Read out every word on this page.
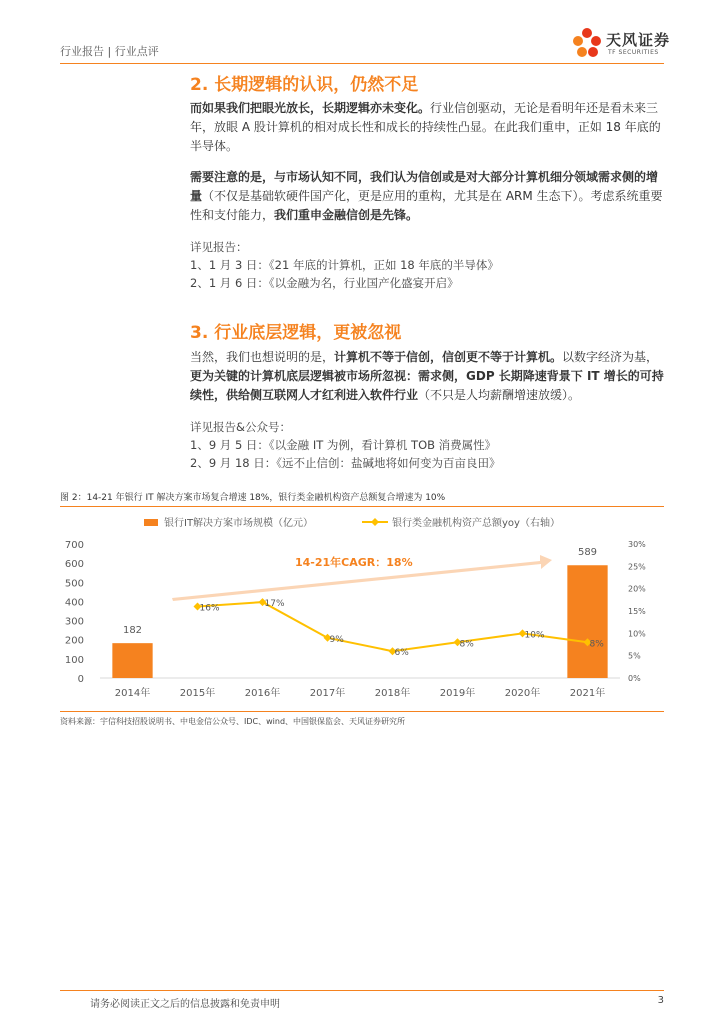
行业报告 | 行业点评
天风证券
TF SECURITIES
2. 长期逻辑的认识，仍然不足
而如果我们把眼光放长，长期逻辑亦未变化。行业信创驱动，无论是看明年还是看未来三年，放眼 A 股计算机的相对成长性和成长的持续性凸显。在此我们重申，正如 18 年底的半导体。
需要注意的是，与市场认知不同，我们认为信创或是对大部分计算机细分领域需求侧的增量（不仅是基础软硬件国产化，更是应用的重构，尤其是在 ARM 生态下）。考虑系统重要性和支付能力，我们重申金融信创是先锋。
详见报告：
1、1 月 3 日：《21 年底的计算机，正如 18 年底的半导体》
2、1 月 6 日：《以金融为名，行业国产化盛宴开启》
3. 行业底层逻辑，更被忽视
当然，我们也想说明的是，计算机不等于信创，信创更不等于计算机。以数字经济为基，更为关键的计算机底层逻辑被市场所忽视：需求侧，GDP 长期降速背景下 IT 增长的可持续性，供给侧互联网人才红利进入软件行业（不只是人均薪酬增速放缓）。
详见报告&公众号：
1、9 月 5 日：《以金融 IT 为例，看计算机 TOB 消费属性》
2、9 月 18 日：《远不止信创：盐碱地将如何变为百亩良田》
图 2：14-21 年银行 IT 解决方案市场复合增速 18%，银行类金融机构资产总额复合增速为 10%
银行IT解决方案市场规模（亿元）	银行类金融机构资产总额yoy（右轴）
0
100
200
300
400
500
600
700
0%
5%
10%
15%
20%
25%
30%
14-21年CAGR：18%
182
589
16%	17%
9%
6%
8%
10%
8%
2014年	2015年	2016年	2017年	2018年	2019年	2020年	2021年
资料来源：宇信科技招股说明书、中电金信公众号、IDC、wind、中国银保监会、天风证券研究所
请务必阅读正文之后的信息披露和免责申明	3
